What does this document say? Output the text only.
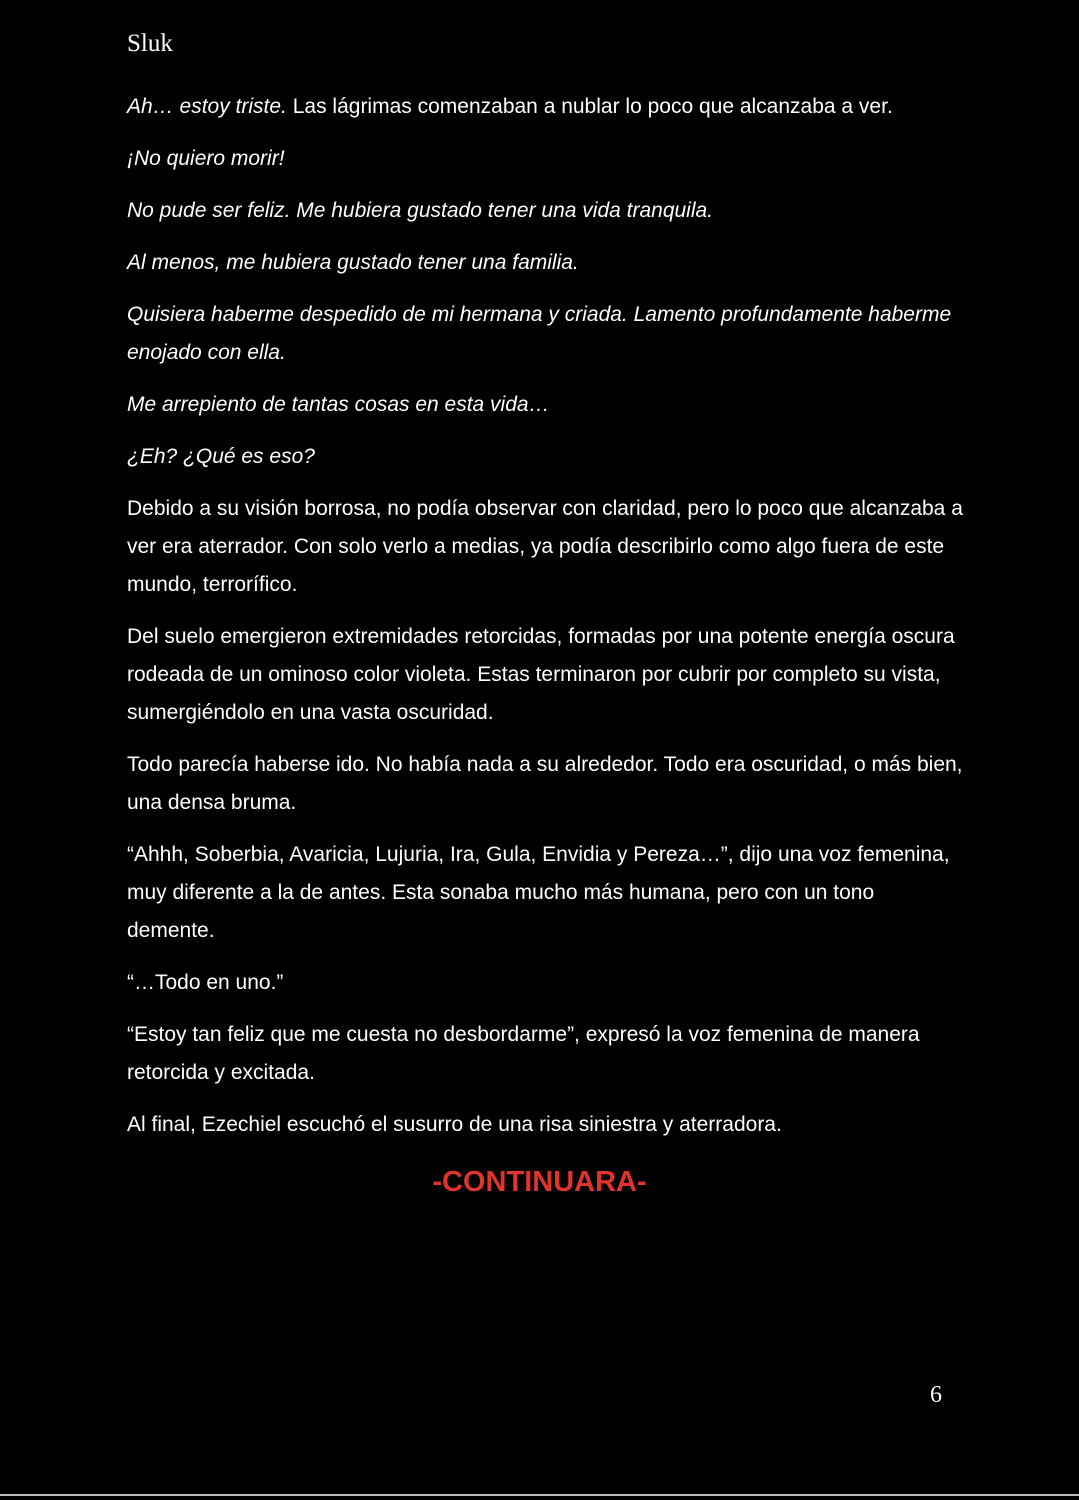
Sluk

Ah… estoy triste. Las lágrimas comenzaban a nublar lo poco que alcanzaba a ver.

¡No quiero morir!

No pude ser feliz. Me hubiera gustado tener una vida tranquila.

Al menos, me hubiera gustado tener una familia.

Quisiera haberme despedido de mi hermana y criada. Lamento profundamente haberme enojado con ella.

Me arrepiento de tantas cosas en esta vida…

¿Eh? ¿Qué es eso?

Debido a su visión borrosa, no podía observar con claridad, pero lo poco que alcanzaba a ver era aterrador. Con solo verlo a medias, ya podía describirlo como algo fuera de este mundo, terrorífico.

Del suelo emergieron extremidades retorcidas, formadas por una potente energía oscura rodeada de un ominoso color violeta. Estas terminaron por cubrir por completo su vista, sumergiéndolo en una vasta oscuridad.

Todo parecía haberse ido. No había nada a su alrededor. Todo era oscuridad, o más bien, una densa bruma.

“Ahhh, Soberbia, Avaricia, Lujuria, Ira, Gula, Envidia y Pereza…”, dijo una voz femenina, muy diferente a la de antes. Esta sonaba mucho más humana, pero con un tono demente.

“…Todo en uno.”

“Estoy tan feliz que me cuesta no desbordarme”, expresó la voz femenina de manera retorcida y excitada.

Al final, Ezechiel escuchó el susurro de una risa siniestra y aterradora.

-CONTINUARA-
6
